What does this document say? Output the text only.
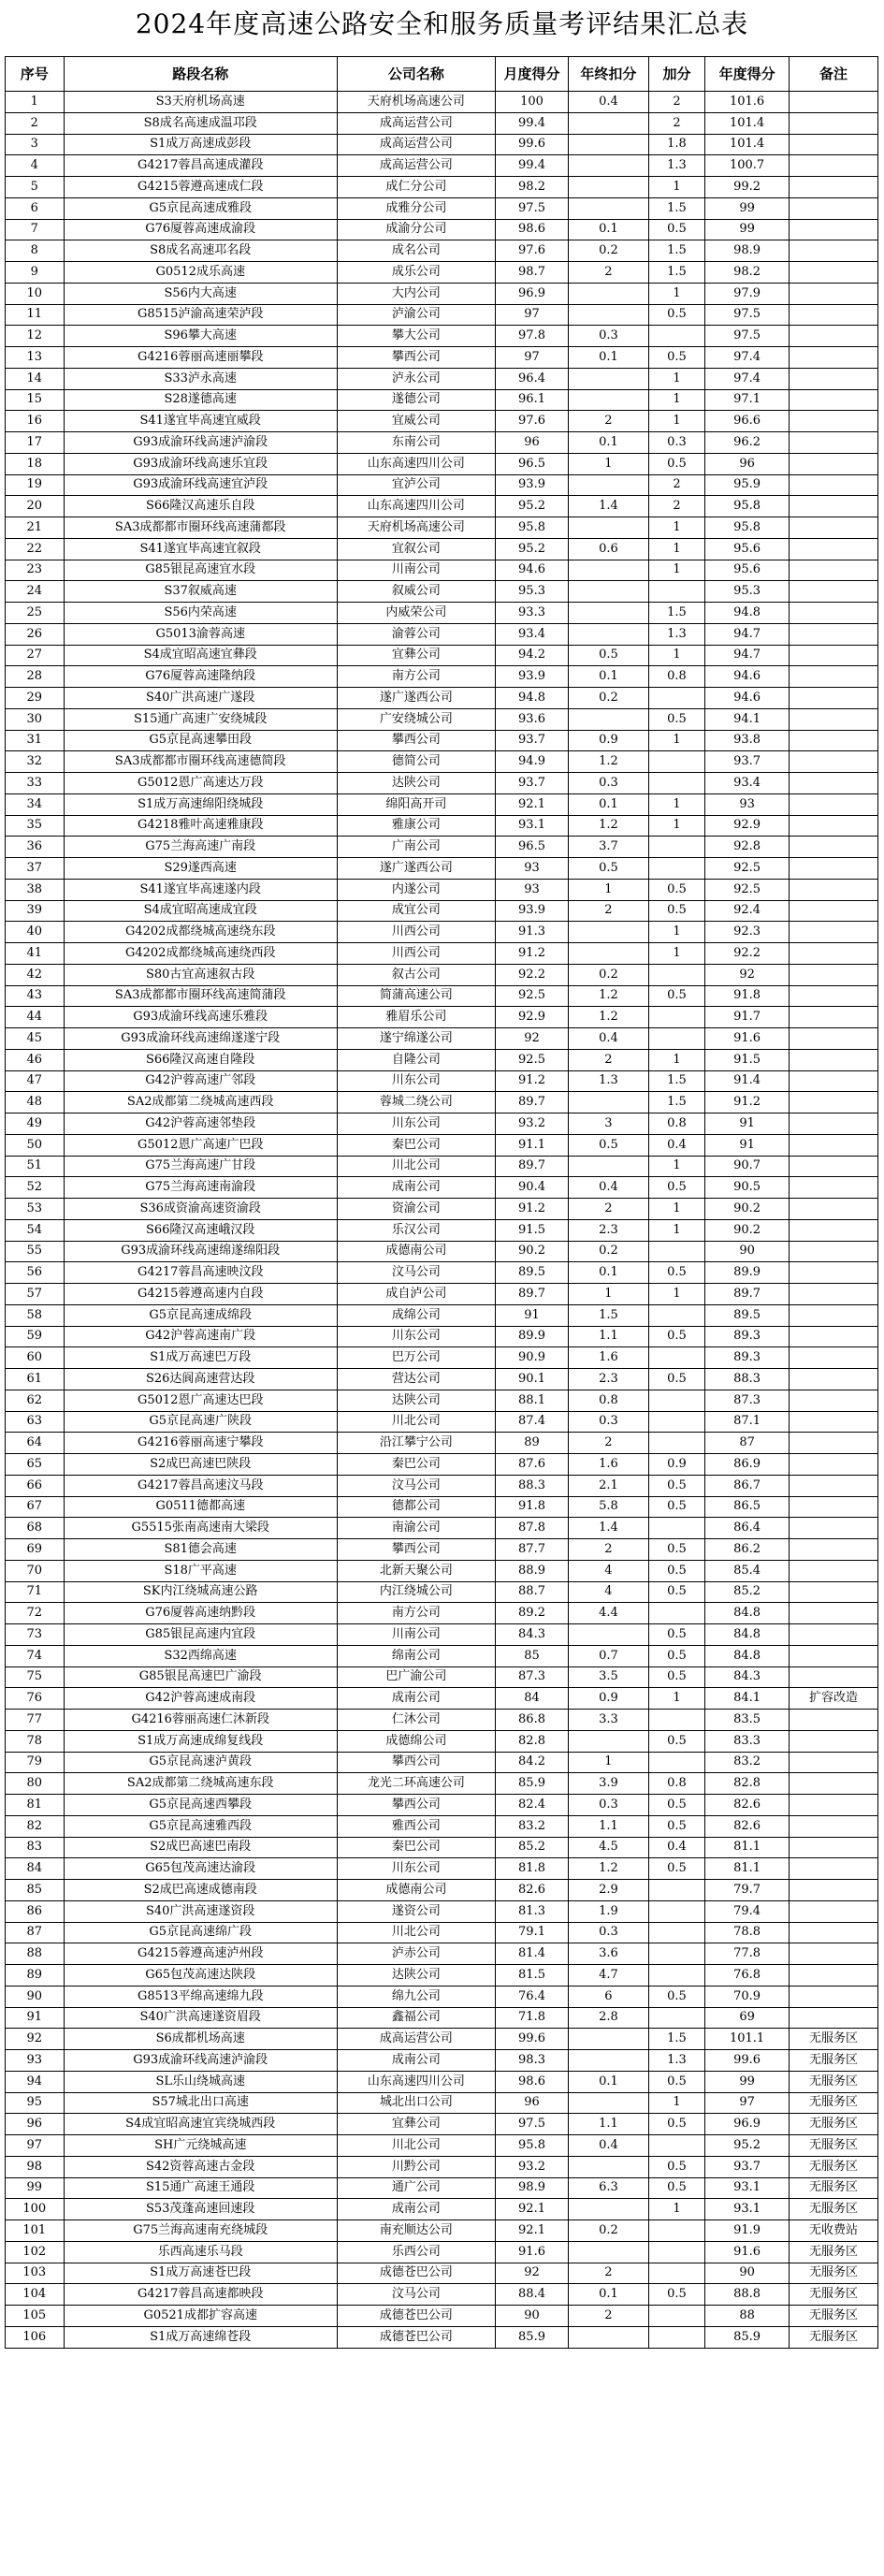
2024年度高速公路安全和服务质量考评结果汇总表
序号	路段名称	公司名称	月度得分	年终扣分	加分	年度得分	备注
1	S3天府机场高速	天府机场高速公司	100	0.4	2	101.6	
2	S8成名高速成温邛段	成高运营公司	99.4		2	101.4	
3	S1成万高速成彭段	成高运营公司	99.6		1.8	101.4	
4	G4217蓉昌高速成灌段	成高运营公司	99.4		1.3	100.7	
5	G4215蓉遵高速成仁段	成仁分公司	98.2		1	99.2	
6	G5京昆高速成雅段	成雅分公司	97.5		1.5	99	
7	G76厦蓉高速成渝段	成渝分公司	98.6	0.1	0.5	99	
8	S8成名高速邛名段	成名公司	97.6	0.2	1.5	98.9	
9	G0512成乐高速	成乐公司	98.7	2	1.5	98.2	
10	S56内大高速	大内公司	96.9		1	97.9	
11	G8515泸渝高速荣泸段	泸渝公司	97		0.5	97.5	
12	S96攀大高速	攀大公司	97.8	0.3		97.5	
13	G4216蓉丽高速丽攀段	攀西公司	97	0.1	0.5	97.4	
14	S33泸永高速	泸永公司	96.4		1	97.4	
15	S28遂德高速	遂德公司	96.1		1	97.1	
16	S41遂宜毕高速宜威段	宜威公司	97.6	2	1	96.6	
17	G93成渝环线高速泸渝段	东南公司	96	0.1	0.3	96.2	
18	G93成渝环线高速乐宜段	山东高速四川公司	96.5	1	0.5	96	
19	G93成渝环线高速宜泸段	宜泸公司	93.9		2	95.9	
20	S66隆汉高速乐自段	山东高速四川公司	95.2	1.4	2	95.8	
21	SA3成都都市圈环线高速蒲都段	天府机场高速公司	95.8		1	95.8	
22	S41遂宜毕高速宜叙段	宜叙公司	95.2	0.6	1	95.6	
23	G85银昆高速宜水段	川南公司	94.6		1	95.6	
24	S37叙威高速	叙威公司	95.3			95.3	
25	S56内荣高速	内威荣公司	93.3		1.5	94.8	
26	G5013渝蓉高速	渝蓉公司	93.4		1.3	94.7	
27	S4成宜昭高速宜彝段	宜彝公司	94.2	0.5	1	94.7	
28	G76厦蓉高速隆纳段	南方公司	93.9	0.1	0.8	94.6	
29	S40广洪高速广遂段	遂广遂西公司	94.8	0.2		94.6	
30	S15通广高速广安绕城段	广安绕城公司	93.6		0.5	94.1	
31	G5京昆高速攀田段	攀西公司	93.7	0.9	1	93.8	
32	SA3成都都市圈环线高速德简段	德简公司	94.9	1.2		93.7	
33	G5012恩广高速达万段	达陕公司	93.7	0.3		93.4	
34	S1成万高速绵阳绕城段	绵阳高开司	92.1	0.1	1	93	
35	G4218雅叶高速雅康段	雅康公司	93.1	1.2	1	92.9	
36	G75兰海高速广南段	广南公司	96.5	3.7		92.8	
37	S29遂西高速	遂广遂西公司	93	0.5		92.5	
38	S41遂宜毕高速遂内段	内遂公司	93	1	0.5	92.5	
39	S4成宜昭高速成宜段	成宜公司	93.9	2	0.5	92.4	
40	G4202成都绕城高速绕东段	川西公司	91.3		1	92.3	
41	G4202成都绕城高速绕西段	川西公司	91.2		1	92.2	
42	S80古宜高速叙古段	叙古公司	92.2	0.2		92	
43	SA3成都都市圈环线高速简蒲段	简蒲高速公司	92.5	1.2	0.5	91.8	
44	G93成渝环线高速乐雅段	雅眉乐公司	92.9	1.2		91.7	
45	G93成渝环线高速绵遂遂宁段	遂宁绵遂公司	92	0.4		91.6	
46	S66隆汉高速自隆段	自隆公司	92.5	2	1	91.5	
47	G42沪蓉高速广邻段	川东公司	91.2	1.3	1.5	91.4	
48	SA2成都第二绕城高速西段	蓉城二绕公司	89.7		1.5	91.2	
49	G42沪蓉高速邻垫段	川东公司	93.2	3	0.8	91	
50	G5012恩广高速广巴段	秦巴公司	91.1	0.5	0.4	91	
51	G75兰海高速广甘段	川北公司	89.7		1	90.7	
52	G75兰海高速南渝段	成南公司	90.4	0.4	0.5	90.5	
53	S36成资渝高速资渝段	资渝公司	91.2	2	1	90.2	
54	S66隆汉高速峨汉段	乐汉公司	91.5	2.3	1	90.2	
55	G93成渝环线高速绵遂绵阳段	成德南公司	90.2	0.2		90	
56	G4217蓉昌高速映汶段	汶马公司	89.5	0.1	0.5	89.9	
57	G4215蓉遵高速内自段	成自泸公司	89.7	1	1	89.7	
58	G5京昆高速成绵段	成绵公司	91	1.5		89.5	
59	G42沪蓉高速南广段	川东公司	89.9	1.1	0.5	89.3	
60	S1成万高速巴万段	巴万公司	90.9	1.6		89.3	
61	S26达阆高速营达段	营达公司	90.1	2.3	0.5	88.3	
62	G5012恩广高速达巴段	达陕公司	88.1	0.8		87.3	
63	G5京昆高速广陕段	川北公司	87.4	0.3		87.1	
64	G4216蓉丽高速宁攀段	沿江攀宁公司	89	2		87	
65	S2成巴高速巴陕段	秦巴公司	87.6	1.6	0.9	86.9	
66	G4217蓉昌高速汶马段	汶马公司	88.3	2.1	0.5	86.7	
67	G0511德都高速	德都公司	91.8	5.8	0.5	86.5	
68	G5515张南高速南大梁段	南渝公司	87.8	1.4		86.4	
69	S81德会高速	攀西公司	87.7	2	0.5	86.2	
70	S18广平高速	北新天聚公司	88.9	4	0.5	85.4	
71	SK内江绕城高速公路	内江绕城公司	88.7	4	0.5	85.2	
72	G76厦蓉高速纳黔段	南方公司	89.2	4.4		84.8	
73	G85银昆高速内宜段	川南公司	84.3		0.5	84.8	
74	S32西绵高速	绵南公司	85	0.7	0.5	84.8	
75	G85银昆高速巴广渝段	巴广渝公司	87.3	3.5	0.5	84.3	
76	G42沪蓉高速成南段	成南公司	84	0.9	1	84.1	扩容改造
77	G4216蓉丽高速仁沐新段	仁沐公司	86.8	3.3		83.5	
78	S1成万高速成绵复线段	成德绵公司	82.8		0.5	83.3	
79	G5京昆高速泸黄段	攀西公司	84.2	1		83.2	
80	SA2成都第二绕城高速东段	龙光二环高速公司	85.9	3.9	0.8	82.8	
81	G5京昆高速西攀段	攀西公司	82.4	0.3	0.5	82.6	
82	G5京昆高速雅西段	雅西公司	83.2	1.1	0.5	82.6	
83	S2成巴高速巴南段	秦巴公司	85.2	4.5	0.4	81.1	
84	G65包茂高速达渝段	川东公司	81.8	1.2	0.5	81.1	
85	S2成巴高速成德南段	成德南公司	82.6	2.9		79.7	
86	S40广洪高速遂资段	遂资公司	81.3	1.9		79.4	
87	G5京昆高速绵广段	川北公司	79.1	0.3		78.8	
88	G4215蓉遵高速泸州段	泸赤公司	81.4	3.6		77.8	
89	G65包茂高速达陕段	达陕公司	81.5	4.7		76.8	
90	G8513平绵高速绵九段	绵九公司	76.4	6	0.5	70.9	
91	S40广洪高速遂资眉段	鑫福公司	71.8	2.8		69	
92	S6成都机场高速	成高运营公司	99.6		1.5	101.1	无服务区
93	G93成渝环线高速泸渝段	成南公司	98.3		1.3	99.6	无服务区
94	SL乐山绕城高速	山东高速四川公司	98.6	0.1	0.5	99	无服务区
95	S57城北出口高速	城北出口公司	96		1	97	无服务区
96	S4成宜昭高速宜宾绕城西段	宜彝公司	97.5	1.1	0.5	96.9	无服务区
97	SH广元绕城高速	川北公司	95.8	0.4		95.2	无服务区
98	S42资蓉高速古金段	川黔公司	93.2		0.5	93.7	无服务区
99	S15通广高速王通段	通广公司	98.9	6.3	0.5	93.1	无服务区
100	S53茂蓬高速回速段	成南公司	92.1		1	93.1	无服务区
101	G75兰海高速南充绕城段	南充顺达公司	92.1	0.2		91.9	无收费站
102	乐西高速乐马段	乐西公司	91.6			91.6	无服务区
103	S1成万高速苍巴段	成德苍巴公司	92	2		90	无服务区
104	G4217蓉昌高速都映段	汶马公司	88.4	0.1	0.5	88.8	无服务区
105	G0521成都扩容高速	成德苍巴公司	90	2		88	无服务区
106	S1成万高速绵苍段	成德苍巴公司	85.9			85.9	无服务区
